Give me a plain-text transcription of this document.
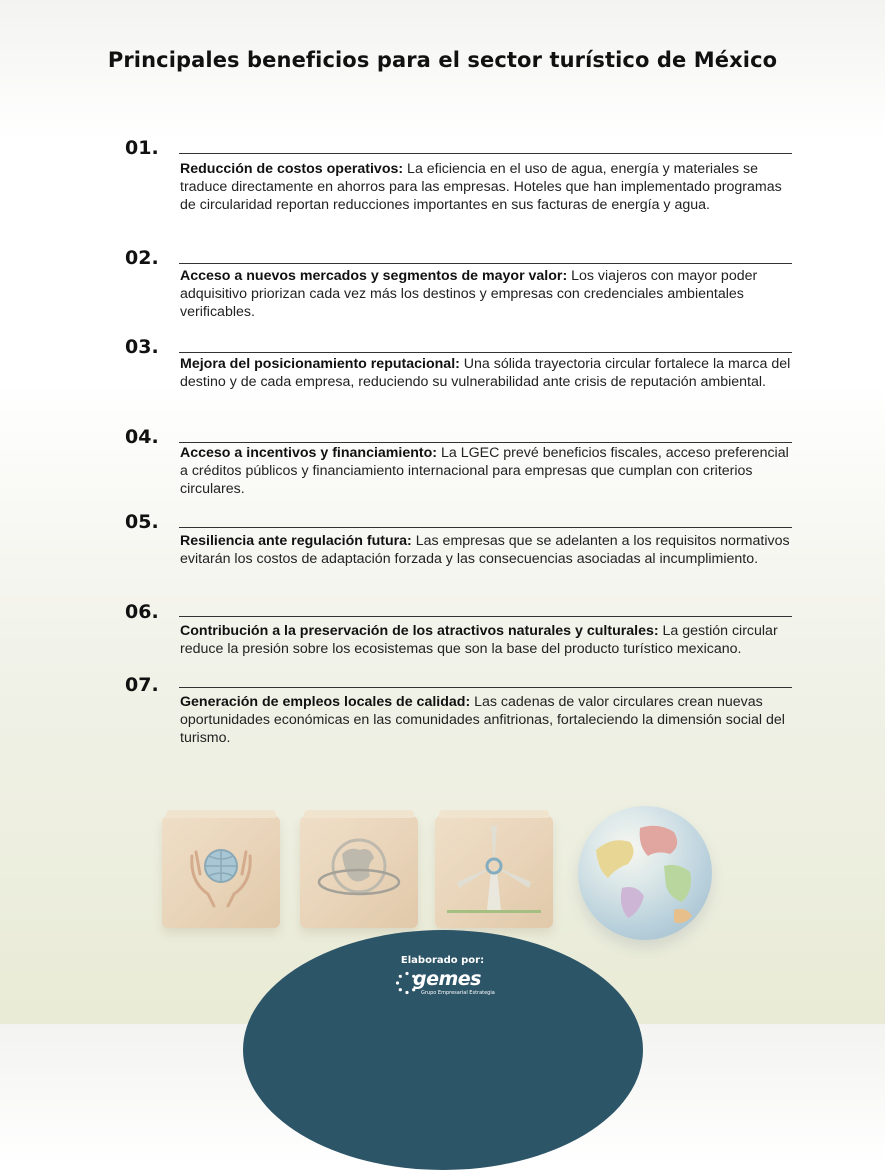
Principales beneficios para el sector turístico de México
01.

Reducción de costos operativos: La eficiencia en el uso de agua, energía y materiales se traduce directamente en ahorros para las empresas. Hoteles que han implementado programas de circularidad reportan reducciones importantes en sus facturas de energía y agua.

02.

Acceso a nuevos mercados y segmentos de mayor valor: Los viajeros con mayor poder adquisitivo priorizan cada vez más los destinos y empresas con credenciales ambientales verificables.

03.

Mejora del posicionamiento reputacional: Una sólida trayectoria circular fortalece la marca del destino y de cada empresa, reduciendo su vulnerabilidad ante crisis de reputación ambiental.

04.

Acceso a incentivos y financiamiento: La LGEC prevé beneficios fiscales, acceso preferencial a créditos públicos y financiamiento internacional para empresas que cumplan con criterios circulares.

05.

Resiliencia ante regulación futura: Las empresas que se adelanten a los requisitos normativos evitarán los costos de adaptación forzada y las consecuencias asociadas al incumplimiento.

06.

Contribución a la preservación de los atractivos naturales y culturales: La gestión circular reduce la presión sobre los ecosistemas que son la base del producto turístico mexicano.

07.

Generación de empleos locales de calidad: Las cadenas de valor circulares crean nuevas oportunidades económicas en las comunidades anfitrionas, fortaleciendo la dimensión social del turismo.

Elaborado por:
gemes
Grupo Empresarial Estrategia
